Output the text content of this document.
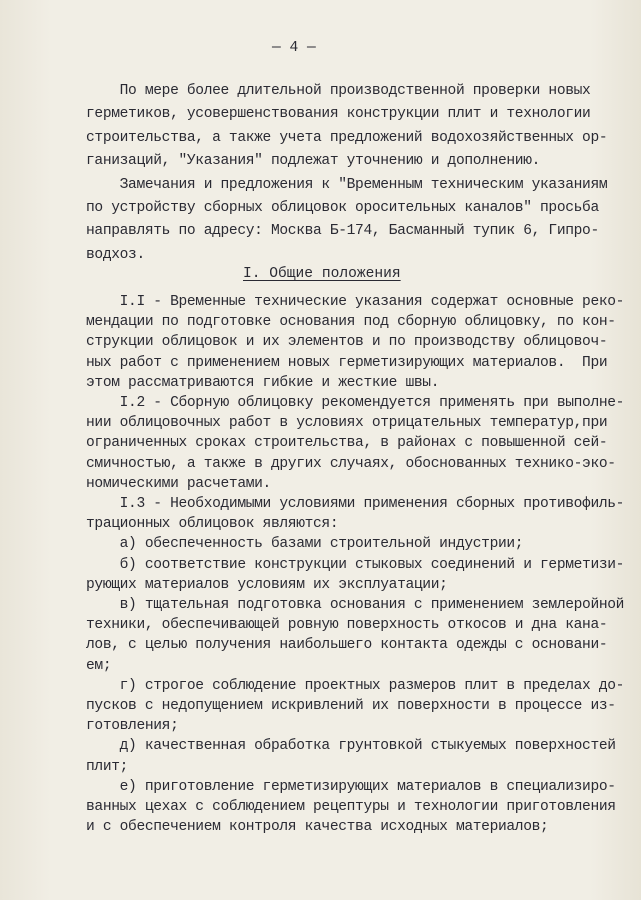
— 4 —
По мере более длительной производственной проверки новых
герметиков, усовершенствования конструкции плит и технологии
строительства, а также учета предложений водохозяйственных ор-
ганизаций, "Указания" подлежат уточнению и дополнению.
Замечания и предложения к "Временным техническим указаниям
по устройству сборных облицовок оросительных каналов" просьба
направлять по адресу: Москва Б-174, Басманный тупик 6, Гипро-
водхоз.
I. Общие положения
I.I - Временные технические указания содержат основные реко-
мендации по подготовке основания под сборную облицовку, по кон-
струкции облицовок и их элементов и по производству облицовоч-
ных работ с применением новых герметизирующих материалов.  При
этом рассматриваются гибкие и жесткие швы.
I.2 - Сборную облицовку рекомендуется применять при выполне-
нии облицовочных работ в условиях отрицательных температур,при
ограниченных сроках строительства, в районах с повышенной сей-
смичностью, а также в других случаях, обоснованных технико-эко-
номическими расчетами.
I.3 - Необходимыми условиями применения сборных противофиль-
трационных облицовок являются:
а) обеспеченность базами строительной индустрии;
б) соответствие конструкции стыковых соединений и герметизи-
рующих материалов условиям их эксплуатации;
в) тщательная подготовка основания с применением землеройной
техники, обеспечивающей ровную поверхность откосов и дна кана-
лов, с целью получения наибольшего контакта одежды с основани-
ем;
г) строгое соблюдение проектных размеров плит в пределах до-
пусков с недопущением искривлений их поверхности в процессе из-
готовления;
д) качественная обработка грунтовкой стыкуемых поверхностей
плит;
е) приготовление герметизирующих материалов в специализиро-
ванных цехах с соблюдением рецептуры и технологии приготовления
и с обеспечением контроля качества исходных материалов;
